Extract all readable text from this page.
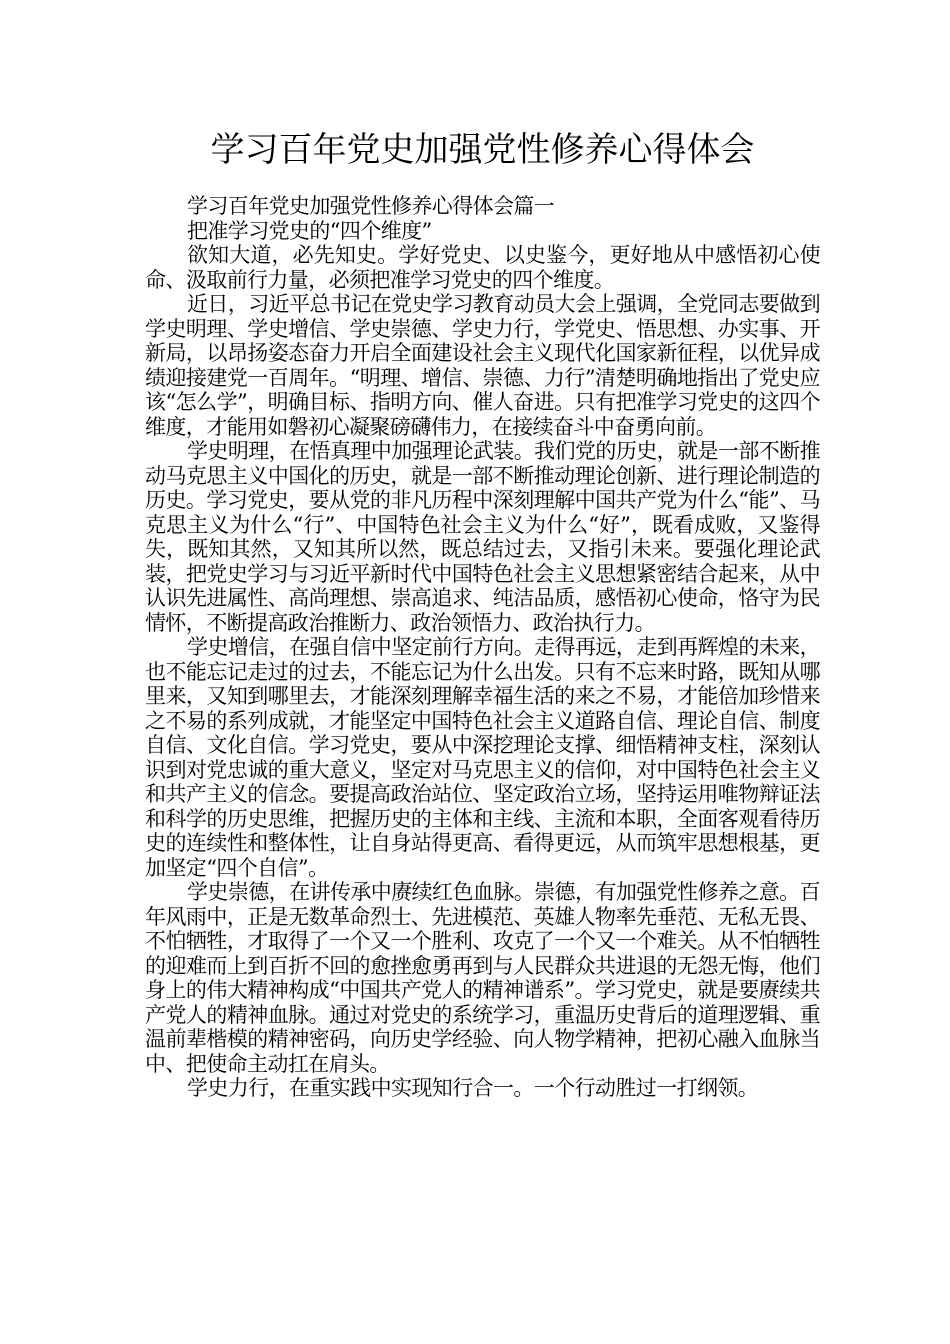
学习百年党史加强党性修养心得体会

学习百年党史加强党性修养心得体会篇一

把准学习党史的“四个维度”

欲知大道，必先知史。学好党史、以史鉴今，更好地从中感悟初心使命、汲取前行力量，必须把准学习党史的四个维度。

近日，习近平总书记在党史学习教育动员大会上强调，全党同志要做到学史明理、学史增信、学史崇德、学史力行，学党史、悟思想、办实事、开新局，以昂扬姿态奋力开启全面建设社会主义现代化国家新征程，以优异成绩迎接建党一百周年。“明理、增信、崇德、力行”清楚明确地指出了党史应该“怎么学”，明确目标、指明方向、催人奋进。只有把准学习党史的这四个维度，才能用如磐初心凝聚磅礴伟力，在接续奋斗中奋勇向前。

学史明理，在悟真理中加强理论武装。我们党的历史，就是一部不断推动马克思主义中国化的历史，就是一部不断推动理论创新、进行理论制造的历史。学习党史，要从党的非凡历程中深刻理解中国共产党为什么“能”、马克思主义为什么“行”、中国特色社会主义为什么“好”，既看成败，又鉴得失，既知其然，又知其所以然，既总结过去，又指引未来。要强化理论武装，把党史学习与习近平新时代中国特色社会主义思想紧密结合起来，从中认识先进属性、高尚理想、崇高追求、纯洁品质，感悟初心使命，恪守为民情怀，不断提高政治推断力、政治领悟力、政治执行力。

学史增信，在强自信中坚定前行方向。走得再远，走到再辉煌的未来，也不能忘记走过的过去，不能忘记为什么出发。只有不忘来时路，既知从哪里来，又知到哪里去，才能深刻理解幸福生活的来之不易，才能倍加珍惜来之不易的系列成就，才能坚定中国特色社会主义道路自信、理论自信、制度自信、文化自信。学习党史，要从中深挖理论支撑、细悟精神支柱，深刻认识到对党忠诚的重大意义，坚定对马克思主义的信仰，对中国特色社会主义和共产主义的信念。要提高政治站位、坚定政治立场，坚持运用唯物辩证法和科学的历史思维，把握历史的主体和主线、主流和本职，全面客观看待历史的连续性和整体性，让自身站得更高、看得更远，从而筑牢思想根基，更加坚定“四个自信”。

学史崇德，在讲传承中赓续红色血脉。崇德，有加强党性修养之意。百年风雨中，正是无数革命烈士、先进模范、英雄人物率先垂范、无私无畏、不怕牺牲，才取得了一个又一个胜利、攻克了一个又一个难关。从不怕牺牲的迎难而上到百折不回的愈挫愈勇再到与人民群众共进退的无怨无悔，他们身上的伟大精神构成“中国共产党人的精神谱系”。学习党史，就是要赓续共产党人的精神血脉。通过对党史的系统学习，重温历史背后的道理逻辑、重温前辈楷模的精神密码，向历史学经验、向人物学精神，把初心融入血脉当中、把使命主动扛在肩头。

学史力行，在重实践中实现知行合一。一个行动胜过一打纲领。
